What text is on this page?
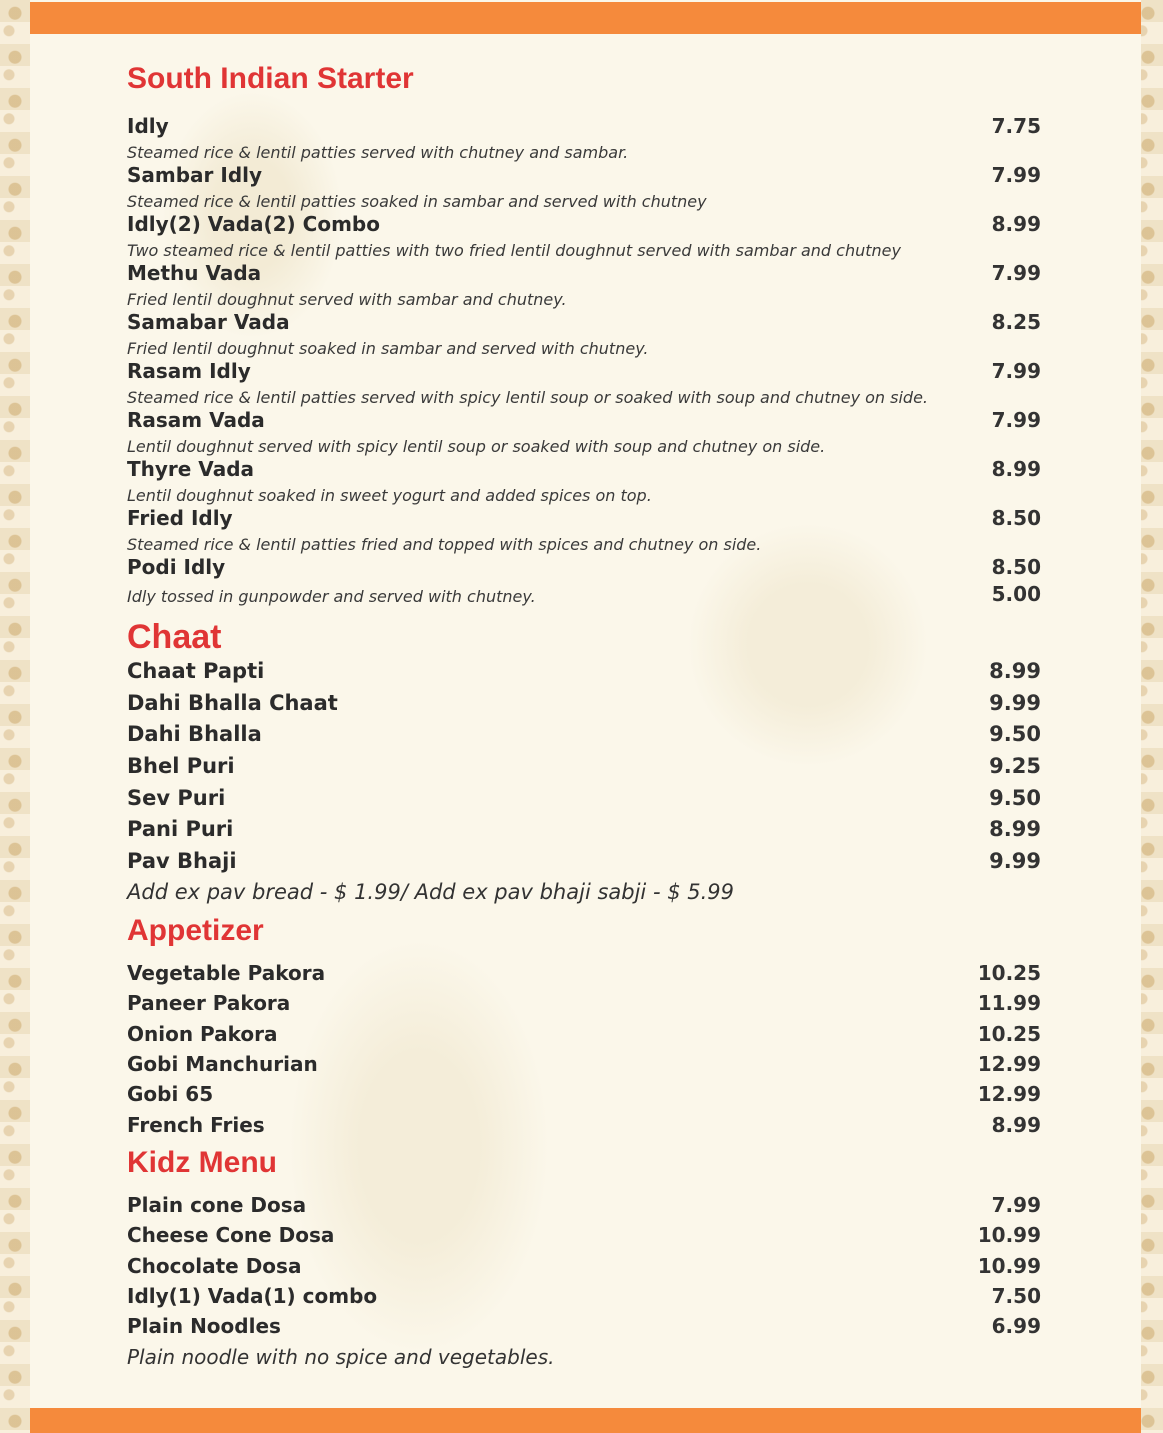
South Indian Starter
Idly	7.75
Steamed rice & lentil patties served with chutney and sambar.
Sambar Idly	7.99
Steamed rice & lentil patties soaked in sambar and served with chutney
Idly(2) Vada(2) Combo	8.99
Two steamed rice & lentil patties with two fried lentil doughnut served with sambar and chutney
Methu Vada	7.99
Fried lentil doughnut served with sambar and chutney.
Samabar Vada	8.25
Fried lentil doughnut soaked in sambar and served with chutney.
Rasam Idly	7.99
Steamed rice & lentil patties served with spicy lentil soup or soaked with soup and chutney on side.
Rasam Vada	7.99
Lentil doughnut served with spicy lentil soup or soaked with soup and chutney on side.
Thyre Vada	8.99
Lentil doughnut soaked in sweet yogurt and added spices on top.
Fried Idly	8.50
Steamed rice & lentil patties fried and topped with spices and chutney on side.
Podi Idly	8.50
Idly tossed in gunpowder and served with chutney.	5.00
Chaat
Chaat Papti	8.99
Dahi Bhalla Chaat	9.99
Dahi Bhalla	9.50
Bhel Puri	9.25
Sev Puri	9.50
Pani Puri	8.99
Pav Bhaji	9.99
Add ex pav bread - $ 1.99/ Add ex pav bhaji sabji - $ 5.99
Appetizer
Vegetable Pakora	10.25
Paneer Pakora	11.99
Onion Pakora	10.25
Gobi Manchurian	12.99
Gobi 65	12.99
French Fries	8.99
Kidz Menu
Plain cone Dosa	7.99
Cheese Cone Dosa	10.99
Chocolate Dosa	10.99
Idly(1) Vada(1) combo	7.50
Plain Noodles	6.99
Plain noodle with no spice and vegetables.
